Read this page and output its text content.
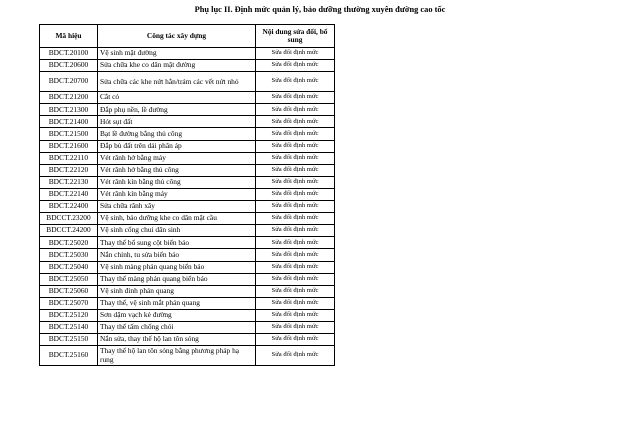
Phụ lục II. Định mức quản lý, bảo dưỡng thường xuyên đường cao tốc
Mã hiệu	Công tác xây dựng	Nội dung sửa đổi, bổ sung
BDCT.20100	Vệ sinh mặt đường	Sửa đổi định mức
BDCT.20600	Sửa chữa khe co dãn mặt đường	Sửa đổi định mức
BDCT.20700	Sửa chữa các khe nứt hằn/trám các vết nứt nhỏ	Sửa đổi định mức
BDCT.21200	Cắt cỏ	Sửa đổi định mức
BDCT.21300	Đắp phụ nền, lề đường	Sửa đổi định mức
BDCT.21400	Hót sụt đất	Sửa đổi định mức
BDCT.21500	Bạt lề đường bằng thủ công	Sửa đổi định mức
BDCT.21600	Đắp bù đất trên dải phân áp	Sửa đổi định mức
BDCT.22110	Vét rãnh hở bằng máy	Sửa đổi định mức
BDCT.22120	Vét rãnh hở bằng thủ công	Sửa đổi định mức
BDCT.22130	Vét rãnh kín bằng thủ công	Sửa đổi định mức
BDCT.22140	Vét rãnh kín bằng máy	Sửa đổi định mức
BDCT.22400	Sửa chữa rãnh xây	Sửa đổi định mức
BDCCT.23200	Vệ sinh, bảo dưỡng khe co dãn mặt cầu	Sửa đổi định mức
BDCCT.24200	Vệ sinh cống chui dân sinh	Sửa đổi định mức
BDCT.25020	Thay thế bổ sung cột biển báo	Sửa đổi định mức
BDCT.25030	Nắn chỉnh, tu sửa biển báo	Sửa đổi định mức
BDCT.25040	Vệ sinh màng phản quang biển báo	Sửa đổi định mức
BDCT.25050	Thay thế màng phản quang biển báo	Sửa đổi định mức
BDCT.25060	Vệ sinh đinh phản quang	Sửa đổi định mức
BDCT.25070	Thay thế, vệ sinh mắt phản quang	Sửa đổi định mức
BDCT.25120	Sơn dặm vạch kẻ đường	Sửa đổi định mức
BDCT.25140	Thay thế tấm chống chói	Sửa đổi định mức
BDCT.25150	Nắn sửa, thay thế hộ lan tôn sóng	Sửa đổi định mức
BDCT.25160	Thay thế hộ lan tôn sóng bằng phương pháp hạ rung	Sửa đổi định mức
